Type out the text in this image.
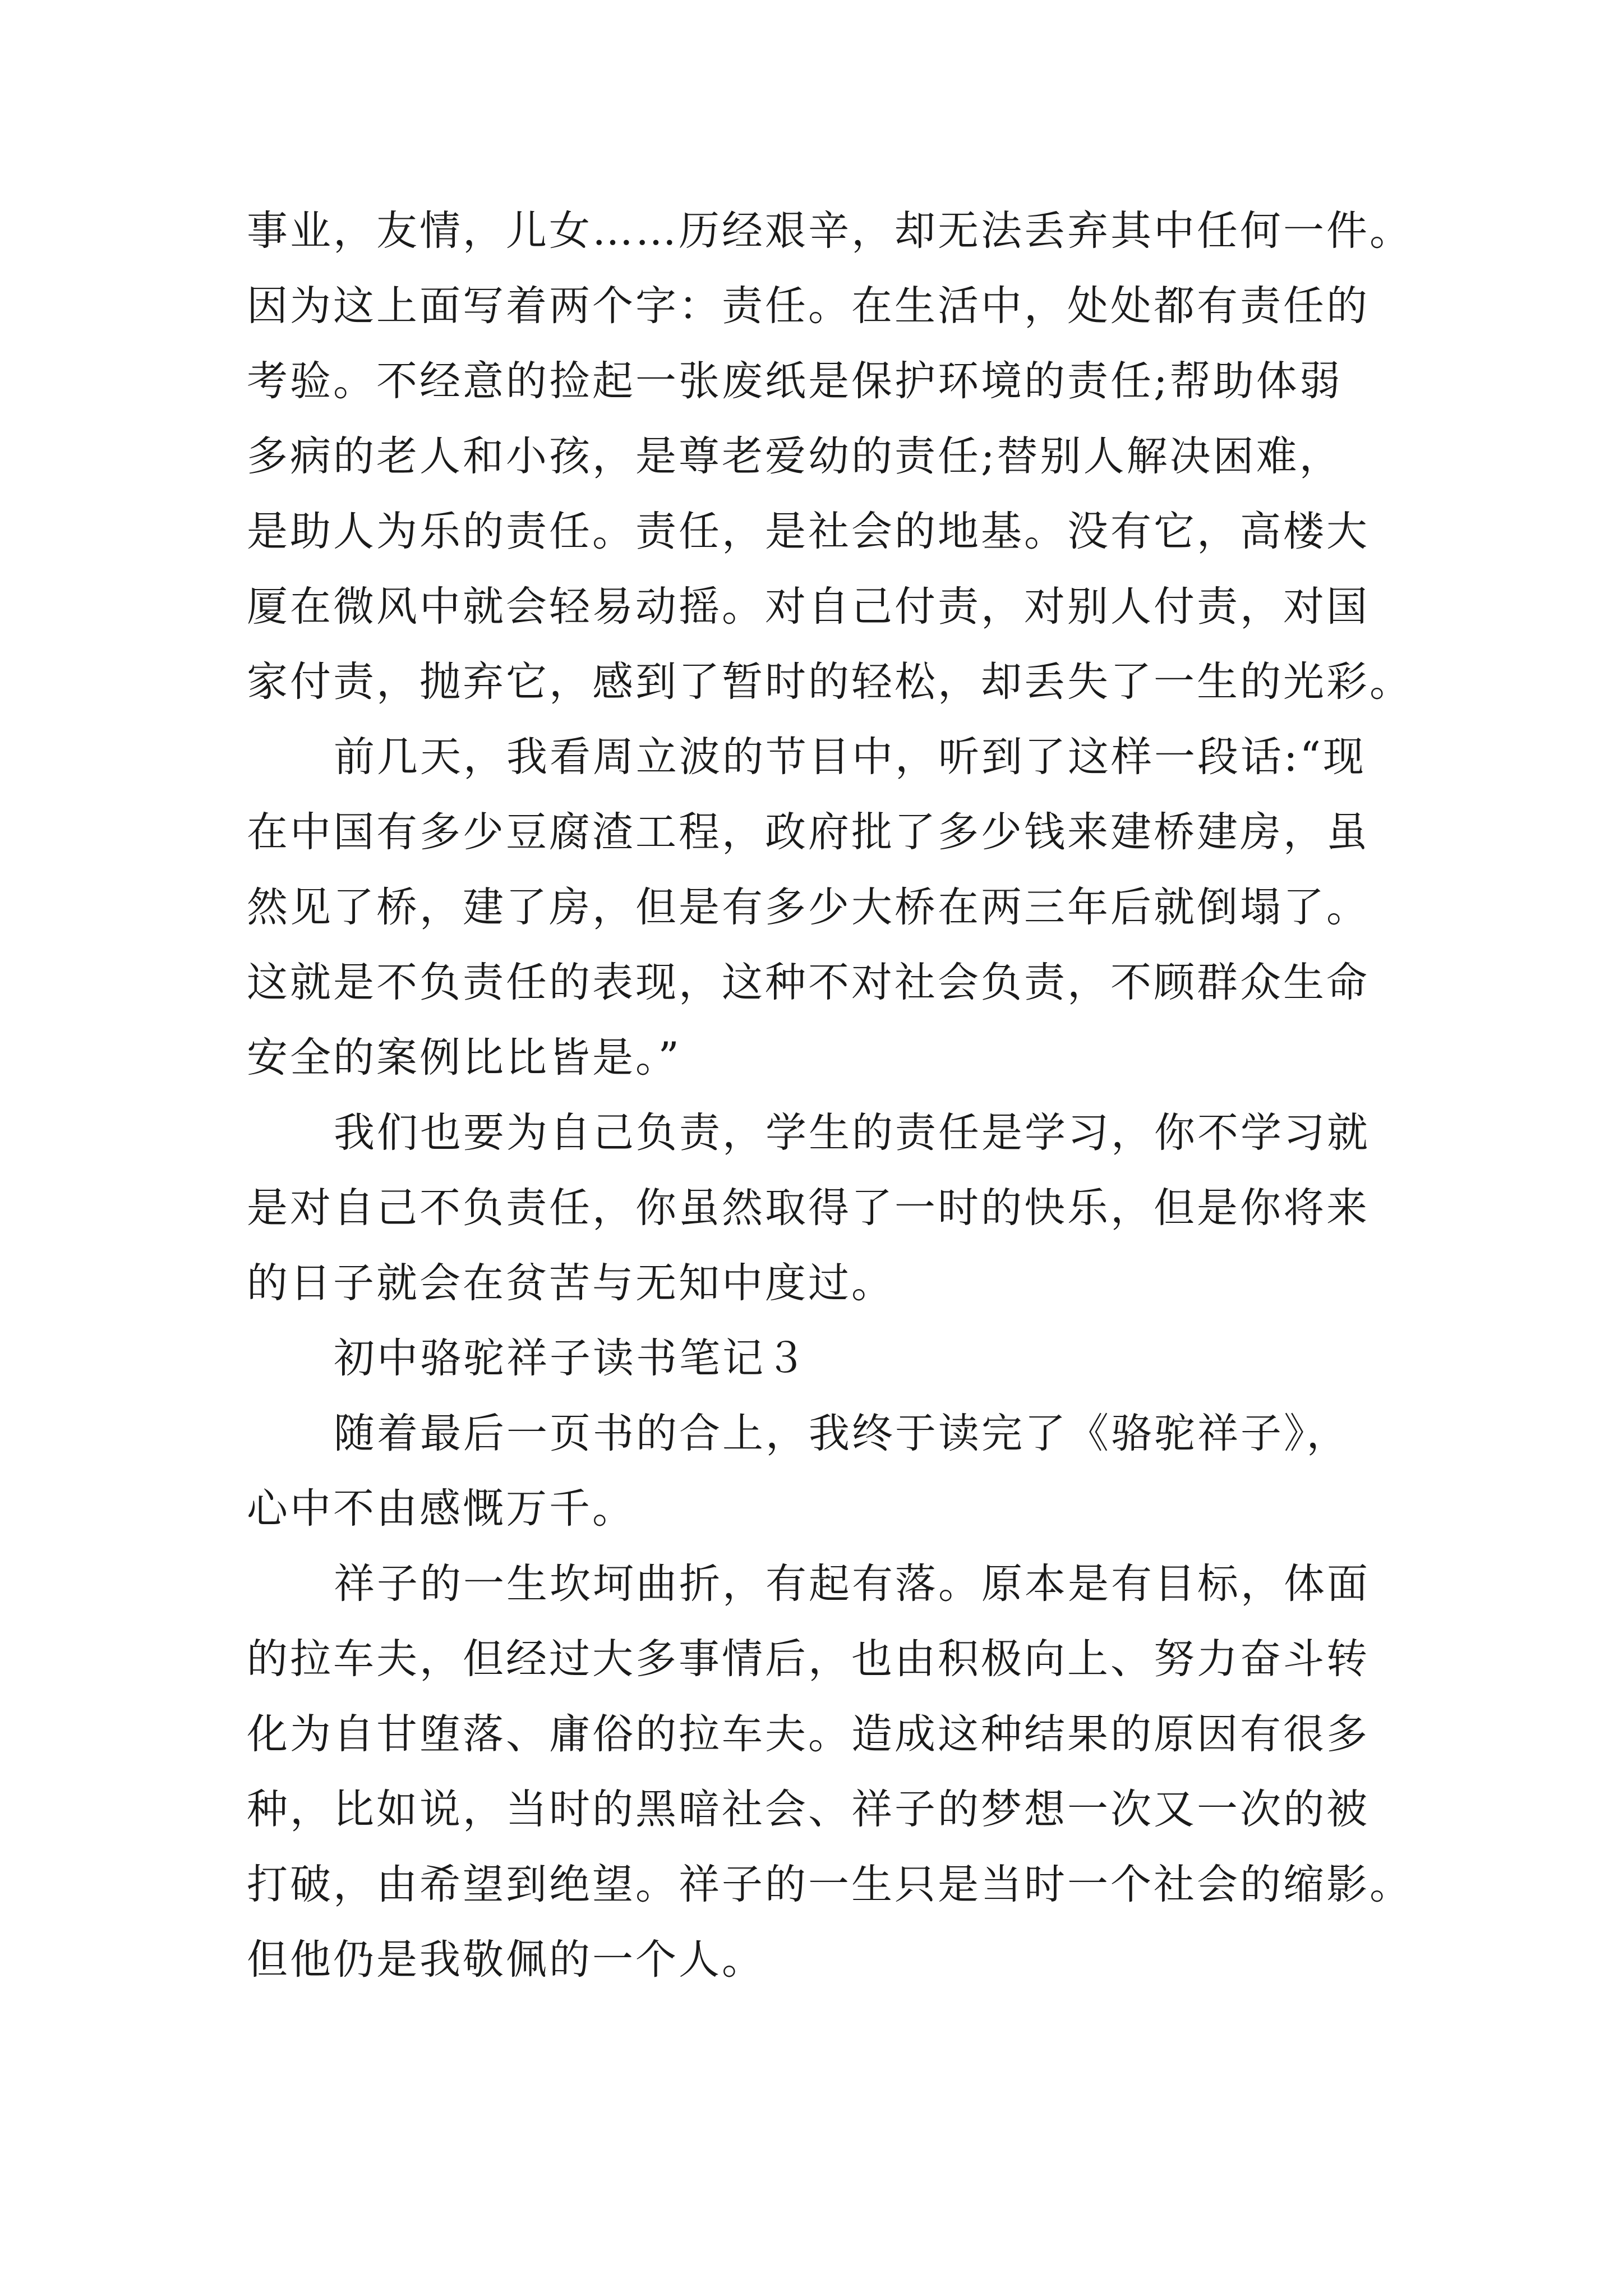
事业，友情，儿女……历经艰辛，却无法丢弃其中任何一件。
因为这上面写着两个字：责任。在生活中，处处都有责任的
考验。不经意的捡起一张废纸是保护环境的责任;帮助体弱
多病的老人和小孩，是尊老爱幼的责任;替别人解决困难，
是助人为乐的责任。责任，是社会的地基。没有它，高楼大
厦在微风中就会轻易动摇。对自己付责，对别人付责，对国
家付责，抛弃它，感到了暂时的轻松，却丢失了一生的光彩。
前几天，我看周立波的节目中，听到了这样一段话:“现
在中国有多少豆腐渣工程，政府批了多少钱来建桥建房，虽
然见了桥，建了房，但是有多少大桥在两三年后就倒塌了。
这就是不负责任的表现，这种不对社会负责，不顾群众生命
安全的案例比比皆是。”
我们也要为自己负责，学生的责任是学习，你不学习就
是对自己不负责任，你虽然取得了一时的快乐，但是你将来
的日子就会在贫苦与无知中度过。
初中骆驼祥子读书笔记３
随着最后一页书的合上，我终于读完了《骆驼祥子》，
心中不由感慨万千。
祥子的一生坎坷曲折，有起有落。原本是有目标，体面
的拉车夫，但经过大多事情后，也由积极向上、努力奋斗转
化为自甘堕落、庸俗的拉车夫。造成这种结果的原因有很多
种，比如说，当时的黑暗社会、祥子的梦想一次又一次的被
打破，由希望到绝望。祥子的一生只是当时一个社会的缩影。
但他仍是我敬佩的一个人。
